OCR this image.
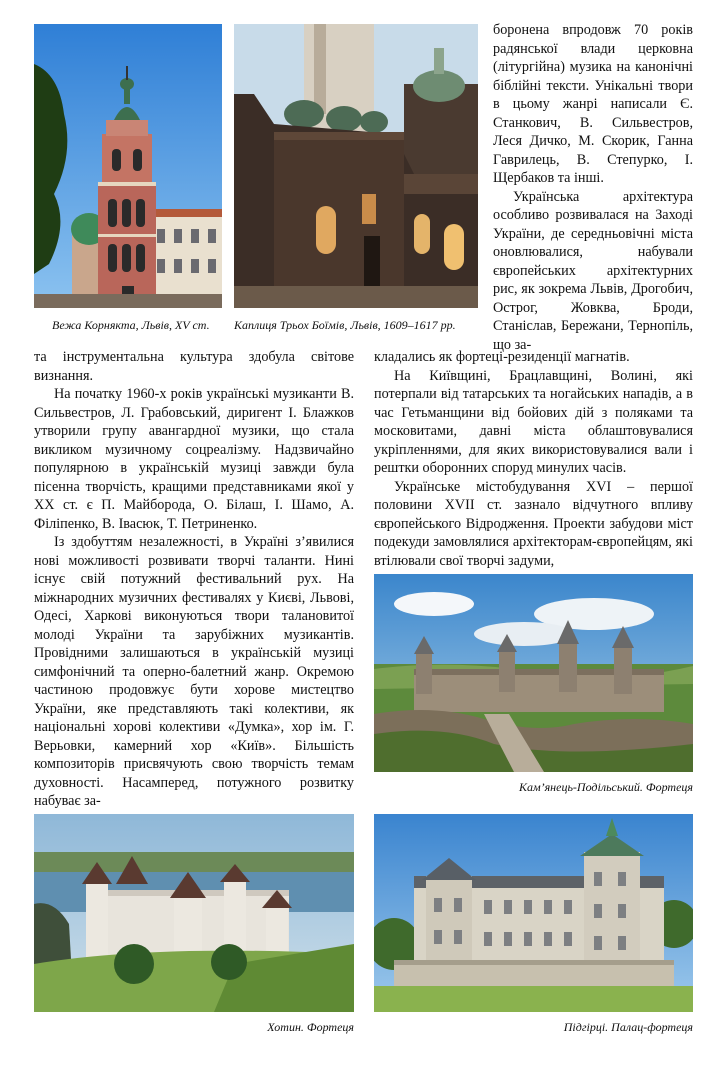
Вежа Корнякта, Львів, XV ст. Каплиця Трьох Боїмів, Львів, 1609–1617 рр.

боронена впродовж 70 років радянської влади церковна (літургійна) музика на канонічні біблійні тексти. Унікальні твори в цьому жанрі написали Є. Станкович, В. Сильвестров, Леся Дичко, М. Скорик, Ганна Гаврилець, В. Степурко, І. Щербаков та інші.

Українська архітектура особливо розвивалася на Заході України, де середньовічні міста оновлювалися, набували європейських архітектурних рис, як зокрема Львів, Дрогобич, Острог, Жовква, Броди, Станіслав, Бережани, Тернопіль, що за-

та інструментальна культура здобула світове визнання.

На початку 1960-х років українські музиканти В. Сильвестров, Л. Грабовський, диригент І. Блажков утворили групу авангардної музики, що стала викликом музичному соцреалізму. Надзвичайно популярною в українській музиці завжди була пісенна творчість, кращими представниками якої у ХХ ст. є П. Майборода, О. Білаш, І. Шамо, А. Філіпенко, В. Івасюк, Т. Петриненко.

Із здобуттям незалежності, в Україні з’явилися нові можливості розвивати творчі таланти. Нині існує свій потужний фестивальний рух. На міжнародних музичних фестивалях у Києві, Львові, Одесі, Харкові виконуються твори талановитої молоді України та зарубіжних музикантів. Провідними залишаються в українській музиці симфонічний та оперно-балетний жанр. Окремою частиною продовжує бути хорове мистецтво України, яке представляють такі колективи, як національні хорові колективи «Думка», хор ім. Г. Верьовки, камерний хор «Київ». Більшість композиторів присвячують свою творчість темам духовності. Насамперед, потужного розвитку набуває за-

кладались як фортеці-резиденції магнатів.

На Київщині, Брацлавщині, Волині, які потерпали від татарських та ногайських нападів, а в час Гетьманщини від бойових дій з поляками та московитами, давні міста облаштовувалися укріпленнями, для яких використовувалися вали і рештки оборонних споруд минулих часів.

Українське містобудування XVI – першої половини XVII ст. зазнало відчутного впливу європейського Відродження. Проекти забудови міст подекуди замовлялися архітекторам-європейцям, які втілювали свої творчі задуми,

Кам’янець-Подільський. Фортеця
Хотин. Фортеця	Підгірці. Палац-фортеця
